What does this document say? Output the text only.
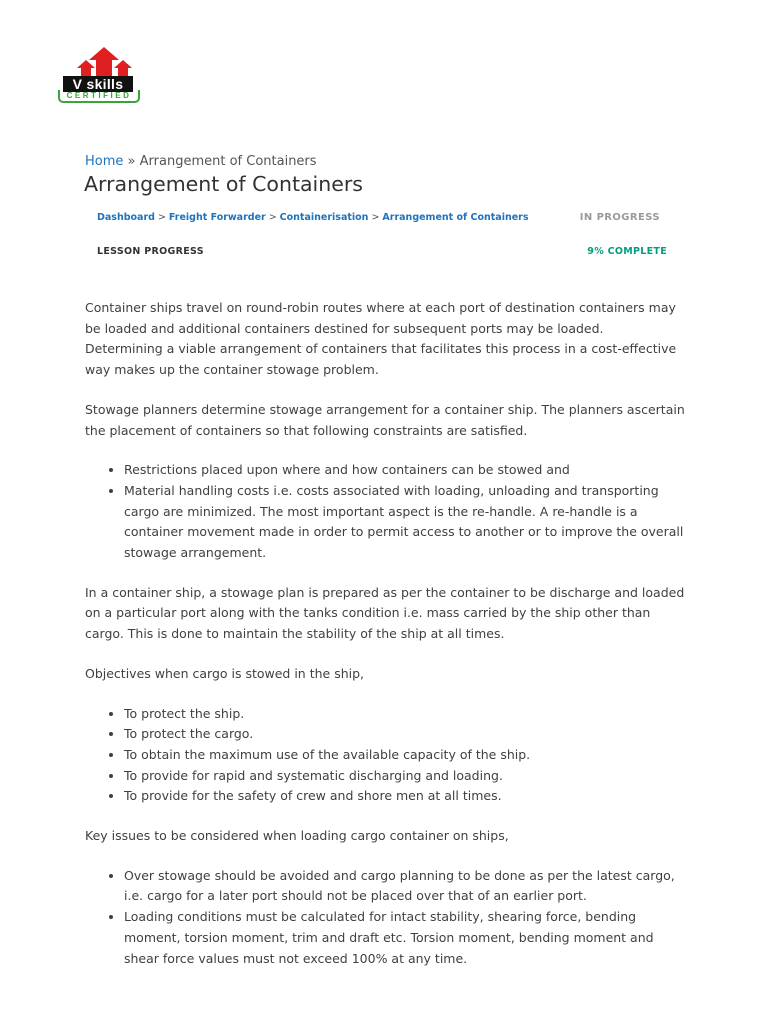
V skills
CERTIFIED
Home » Arrangement of Containers
Arrangement of Containers
Dashboard > Freight Forwarder > Containerisation > Arrangement of Containers	IN PROGRESS
LESSON PROGRESS	9% COMPLETE

Container ships travel on round-robin routes where at each port of destination containers may be loaded and additional containers destined for subsequent ports may be loaded. Determining a viable arrangement of containers that facilitates this process in a cost-effective way makes up the container stowage problem.

Stowage planners determine stowage arrangement for a container ship. The planners ascertain the placement of containers so that following constraints are satisfied.

• Restrictions placed upon where and how containers can be stowed and
• Material handling costs i.e. costs associated with loading, unloading and transporting cargo are minimized. The most important aspect is the re-handle. A re-handle is a container movement made in order to permit access to another or to improve the overall stowage arrangement.

In a container ship, a stowage plan is prepared as per the container to be discharge and loaded on a particular port along with the tanks condition i.e. mass carried by the ship other than cargo. This is done to maintain the stability of the ship at all times.

Objectives when cargo is stowed in the ship,

• To protect the ship.
• To protect the cargo.
• To obtain the maximum use of the available capacity of the ship.
• To provide for rapid and systematic discharging and loading.
• To provide for the safety of crew and shore men at all times.

Key issues to be considered when loading cargo container on ships,

• Over stowage should be avoided and cargo planning to be done as per the latest cargo, i.e. cargo for a later port should not be placed over that of an earlier port.
• Loading conditions must be calculated for intact stability, shearing force, bending moment, torsion moment, trim and draft etc. Torsion moment, bending moment and shear force values must not exceed 100% at any time.
